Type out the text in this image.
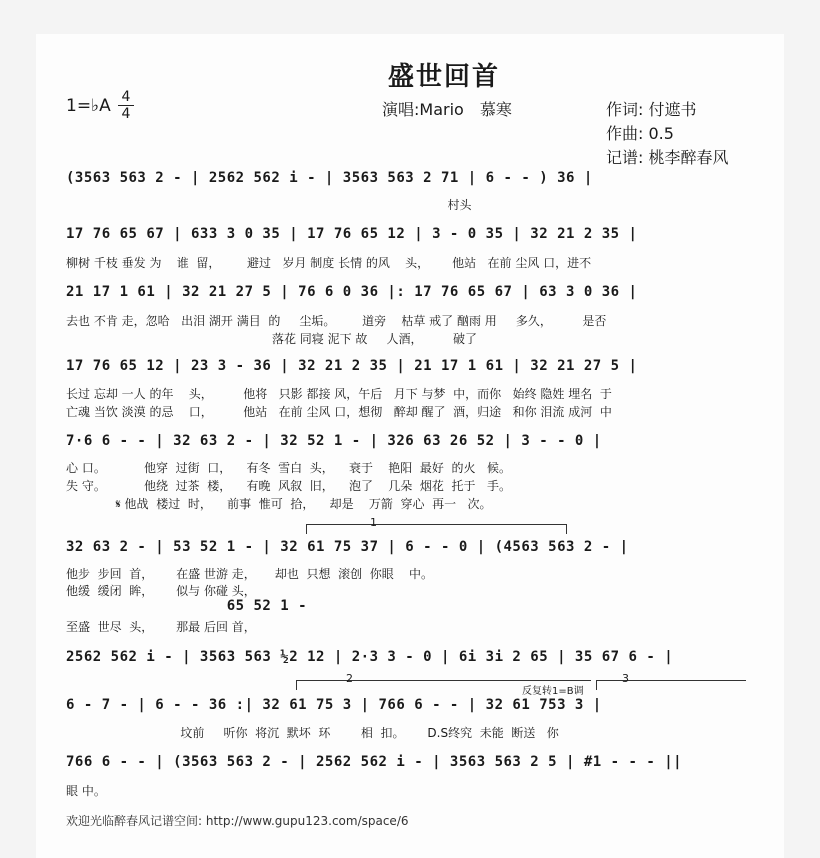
盛世回首
1=♭A 4
4	演唱:Mario　慕寒	作词: 付遮书
作曲: 0.5
记谱: 桃李醉春风
(3563 563 2 - | 2562 562 i - | 3563 563 2 71 | 6 - - ) 36 |
村头
17 76 65 67 | 633 3 0 35 | 17 76 65 12 | 3 - 0 35 | 32 21 2 35 |
柳树 千枝 垂发 为    谁  留，       避过   岁月 制度 长情 的风    头，      他站   在前 尘风 口，进不
21 17 1 61 | 32 21 27 5 | 76 6 0 36 |: 17 76 65 67 | 63 3 0 36 |
去也 不肯 走，忽哈   出泪 湖开 满目  的     尘垢。       道旁    枯草 戒了 酗雨 用     多久，        是否
落花 同寝 泥下 故     人酒，        破了
17 76 65 12 | 23 3 - 36 | 32 21 2 35 | 21 17 1 61 | 32 21 27 5 |
长过 忘却 一人 的年    头，        他将   只影 都接 风，午后   月下 与梦  中，而你   始终 隐姓 埋名  于
亡魂 当饮 淡漠 的忌    口，        他站   在前 尘风 口，想彻   醉却 醒了  酒，归途   和你 泪流 成河  中
7·6 6 - - | 32 63 2 - | 32 52 1 - | 326 63 26 52 | 3 - - 0 |
心 口。          他穿  过街  口，    有冬  雪白  头，    衰于    艳阳  最好  的火   候。
失 守。          他绕  过茶  楼，    有晚  风叙  旧，    泡了    几朵  烟花  托于   手。
𝄋 他战  楼过  时，    前事  惟可  拾，    却是    万箭  穿心  再一   次。
1
32 63 2 - | 53 52 1 - | 32 61 75 37 | 6 - - 0 | (4563 563 2 - |
他步  步回  首，      在盛 世游 走，     却也  只想  滚创  你眼    中。
他缓  缓闭  眸，      似与 你碰 头，
65 52 1 -
至盛  世尽  头，      那最 后回 首，
2562 562 i - | 3563 563 ½2 12 | 2·3 3 - 0 | 6i 3i 2 65 | 35 67 6 - |
2
反复转1=B调
3
6 - 7 - | 6 - - 36 :| 32 61 75 3 | 766 6 - - | 32 61 753 3 |
坟前     听你  将沉  默坏  环        相  扣。      D.S终究  未能  断送   你
766 6 - - | (3563 563 2 - | 2562 562 i - | 3563 563 2 5 | #1 - - - ||
眼 中。
欢迎光临醉春风记谱空间: http://www.gupu123.com/space/6
